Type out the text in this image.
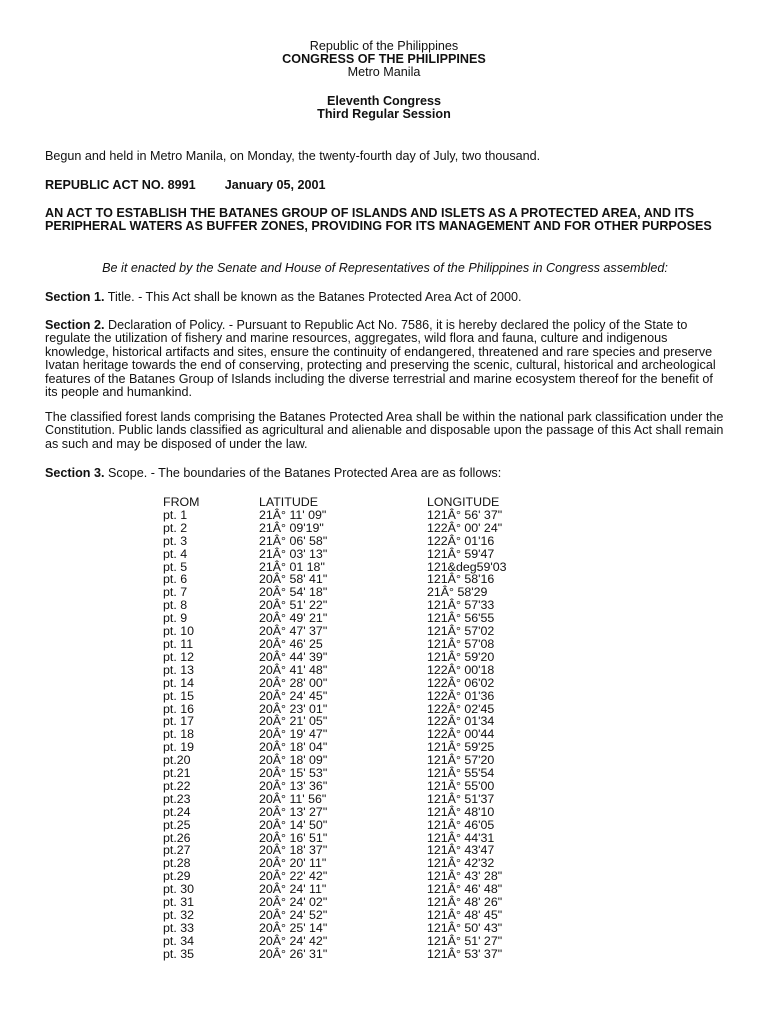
Republic of the Philippines
CONGRESS OF THE PHILIPPINES
Metro Manila
Eleventh Congress
Third Regular Session
Begun and held in Metro Manila, on Monday, the twenty-fourth day of July, two thousand.
REPUBLIC ACT NO. 8991 January 05, 2001
AN ACT TO ESTABLISH THE BATANES GROUP OF ISLANDS AND ISLETS AS A PROTECTED AREA, AND ITS PERIPHERAL WATERS AS BUFFER ZONES, PROVIDING FOR ITS MANAGEMENT AND FOR OTHER PURPOSES
Be it enacted by the Senate and House of Representatives of the Philippines in Congress assembled:
Section 1. Title. - This Act shall be known as the Batanes Protected Area Act of 2000.
Section 2. Declaration of Policy. - Pursuant to Republic Act No. 7586, it is hereby declared the policy of the State to regulate the utilization of fishery and marine resources, aggregates, wild flora and fauna, culture and indigenous knowledge, historical artifacts and sites, ensure the continuity of endangered, threatened and rare species and preserve Ivatan heritage towards the end of conserving, protecting and preserving the scenic, cultural, historical and archeological features of the Batanes Group of Islands including the diverse terrestrial and marine ecosystem thereof for the benefit of its people and humankind.
The classified forest lands comprising the Batanes Protected Area shall be within the national park classification under the Constitution. Public lands classified as agricultural and alienable and disposable upon the passage of this Act shall remain as such and may be disposed of under the law.
Section 3. Scope. - The boundaries of the Batanes Protected Area are as follows:
FROM	LATITUDE	LONGITUDE
pt. 1	21Â° 11' 09"	121Â° 56' 37"
pt. 2	21Â° 09'19"	122Â° 00' 24"
pt. 3	21Â° 06' 58"	122Â° 01'16
pt. 4	21Â° 03' 13"	121Â° 59'47
pt. 5	21Â° 01 18"	121&deg59'03
pt. 6	20Â° 58' 41"	121Â° 58'16
pt. 7	20Â° 54' 18"	21Â° 58'29
pt. 8	20Â° 51' 22"	121Â° 57'33
pt. 9	20Â° 49' 21"	121Â° 56'55
pt. 10	20Â° 47' 37"	121Â° 57'02
pt. 11	20Â° 46' 25	121Â° 57'08
pt. 12	20Â° 44' 39"	121Â° 59'20
pt. 13	20Â° 41' 48"	122Â° 00'18
pt. 14	20Â° 28' 00"	122Â° 06'02
pt. 15	20Â° 24' 45"	122Â° 01'36
pt. 16	20Â° 23' 01"	122Â° 02'45
pt. 17	20Â° 21' 05"	122Â° 01'34
pt. 18	20Â° 19' 47"	122Â° 00'44
pt. 19	20Â° 18' 04"	121Â° 59'25
pt.20	20Â° 18' 09"	121Â° 57'20
pt.21	20Â° 15' 53"	121Â° 55'54
pt.22	20Â° 13' 36"	121Â° 55'00
pt.23	20Â° 11' 56"	121Â° 51'37
pt.24	20Â° 13' 27"	121Â° 48'10
pt.25	20Â° 14' 50"	121Â° 46'05
pt.26	20Â° 16' 51"	121Â° 44'31
pt.27	20Â° 18' 37"	121Â° 43'47
pt.28	20Â° 20' 11"	121Â° 42'32
pt.29	20Â° 22' 42"	121Â° 43' 28"
pt. 30	20Â° 24' 11"	121Â° 46' 48"
pt. 31	20Â° 24' 02"	121Â° 48' 26"
pt. 32	20Â° 24' 52"	121Â° 48' 45"
pt. 33	20Â° 25' 14"	121Â° 50' 43"
pt. 34	20Â° 24' 42"	121Â° 51' 27"
pt. 35	20Â° 26' 31"	121Â° 53' 37"
